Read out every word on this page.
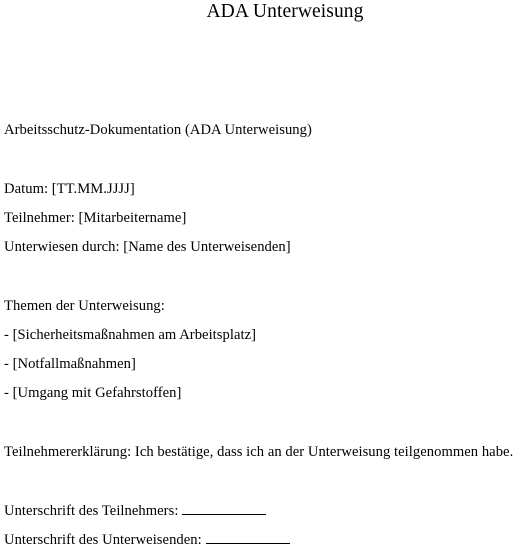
ADA Unterweisung
Arbeitsschutz-Dokumentation (ADA Unterweisung)
Datum: [TT.MM.JJJJ]
Teilnehmer: [Mitarbeitername]
Unterwiesen durch: [Name des Unterweisenden]
Themen der Unterweisung:
- [Sicherheitsmaßnahmen am Arbeitsplatz]
- [Notfallmaßnahmen]
- [Umgang mit Gefahrstoffen]
Teilnehmererklärung: Ich bestätige, dass ich an der Unterweisung teilgenommen habe.
Unterschrift des Teilnehmers:
Unterschrift des Unterweisenden:
